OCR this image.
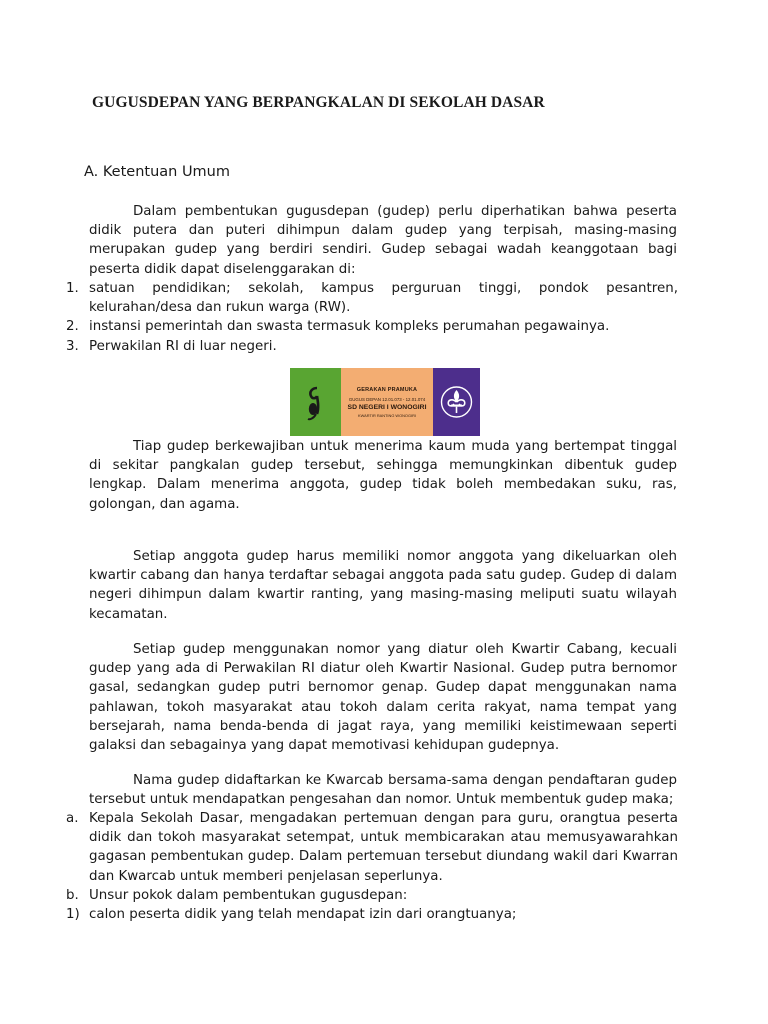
GUGUSDEPAN YANG BERPANGKALAN DI SEKOLAH DASAR
A. Ketentuan Umum

Dalam pembentukan gugusdepan (gudep) perlu diperhatikan bahwa peserta didik putera dan puteri dihimpun dalam gudep yang terpisah, masing-masing merupakan gudep yang berdiri sendiri. Gudep sebagai wadah keanggotaan bagi peserta didik dapat diselenggarakan di:

1. satuan pendidikan; sekolah, kampus perguruan tinggi, pondok pesantren, kelurahan/desa dan rukun warga (RW).
2. instansi pemerintah dan swasta termasuk kompleks perumahan pegawainya.
3. Perwakilan RI di luar negeri.
GERAKAN PRAMUKA
GUGUS DEPAN 12.01.073 - 12.01.074
SD NEGERI I WONOGIRI
KWARTIR RANTING WONOGIRI

Tiap gudep berkewajiban untuk menerima kaum muda yang bertempat tinggal di sekitar pangkalan gudep tersebut, sehingga memungkinkan dibentuk gudep lengkap. Dalam menerima anggota, gudep tidak boleh membedakan suku, ras, golongan, dan agama.

Setiap anggota gudep harus memiliki nomor anggota yang dikeluarkan oleh kwartir cabang dan hanya terdaftar sebagai anggota pada satu gudep. Gudep di dalam negeri dihimpun dalam kwartir ranting, yang masing-masing meliputi suatu wilayah kecamatan.

Setiap gudep menggunakan nomor yang diatur oleh Kwartir Cabang, kecuali gudep yang ada di Perwakilan RI diatur oleh Kwartir Nasional. Gudep putra bernomor gasal, sedangkan gudep putri bernomor genap. Gudep dapat menggunakan nama pahlawan, tokoh masyarakat atau tokoh dalam cerita rakyat, nama tempat yang bersejarah, nama benda-benda di jagat raya, yang memiliki keistimewaan seperti galaksi dan sebagainya yang dapat memotivasi kehidupan gudepnya.

Nama gudep didaftarkan ke Kwarcab bersama-sama dengan pendaftaran gudep tersebut untuk mendapatkan pengesahan dan nomor. Untuk membentuk gudep maka;

a. Kepala Sekolah Dasar, mengadakan pertemuan dengan para guru, orangtua peserta didik dan tokoh masyarakat setempat, untuk membicarakan atau memusyawarahkan gagasan pembentukan gudep. Dalam pertemuan tersebut diundang wakil dari Kwarran dan Kwarcab untuk memberi penjelasan seperlunya.
b. Unsur pokok dalam pembentukan gugusdepan:
1) calon peserta didik yang telah mendapat izin dari orangtuanya;
